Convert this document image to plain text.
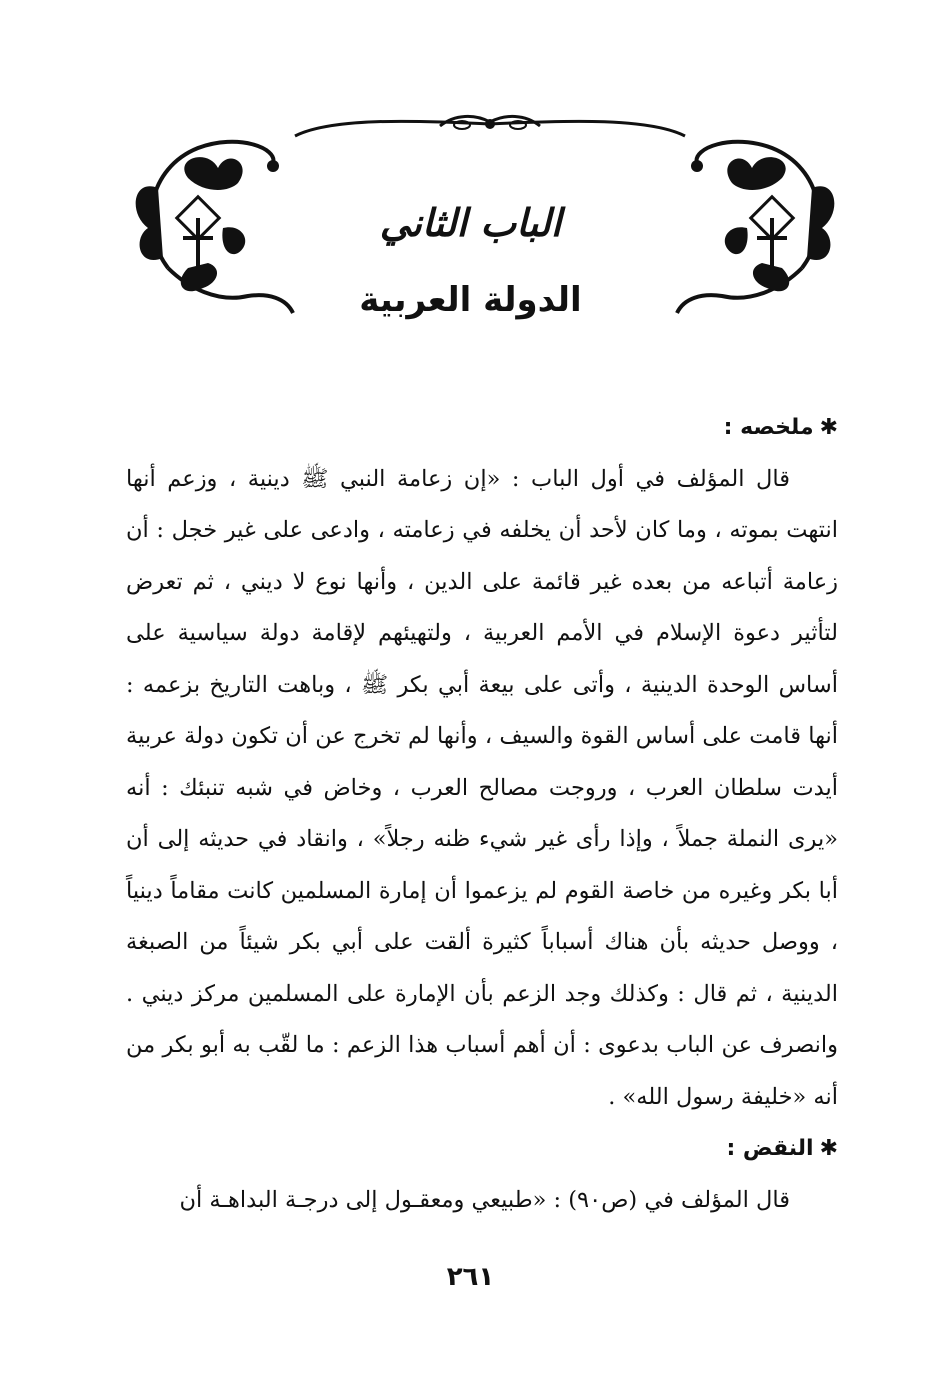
الباب الثاني
الدولة العربية

✱ملخصه :

قال المؤلف في أول الباب : «إن زعامة النبي ﷺ دينية ، وزعم أنها انتهت بموته ، وما كان لأحد أن يخلفه في زعامته ، وادعى على غير خجل : أن زعامة أتباعه من بعده غير قائمة على الدين ، وأنها نوع لا ديني ، ثم تعرض لتأثير دعوة الإسلام في الأمم العربية ، ولتهيئهم لإقامة دولة سياسية على أساس الوحدة الدينية ، وأتى على بيعة أبي بكر ﷺ ، وباهت التاريخ بزعمه : أنها قامت على أساس القوة والسيف ، وأنها لم تخرج عن أن تكون دولة عربية أيدت سلطان العرب ، وروجت مصالح العرب ، وخاض في شبه تنبئك : أنه «يرى النملة جملاً ، وإذا رأى غير شيء ظنه رجلاً» ، وانقاد في حديثه إلى أن أبا بكر وغيره من خاصة القوم لم يزعموا أن إمارة المسلمين كانت مقاماً دينياً ، ووصل حديثه بأن هناك أسباباً كثيرة ألقت على أبي بكر شيئاً من الصبغة الدينية ، ثم قال : وكذلك وجد الزعم بأن الإمارة على المسلمين مركز ديني . وانصرف عن الباب بدعوى : أن أهم أسباب هذا الزعم : ما لقّب به أبو بكر من أنه «خليفة رسول الله» .

✱النقض :

قال المؤلف في (ص٩٠) : «طبيعي ومعقـول إلى درجـة البداهـة أن

٢٦١
